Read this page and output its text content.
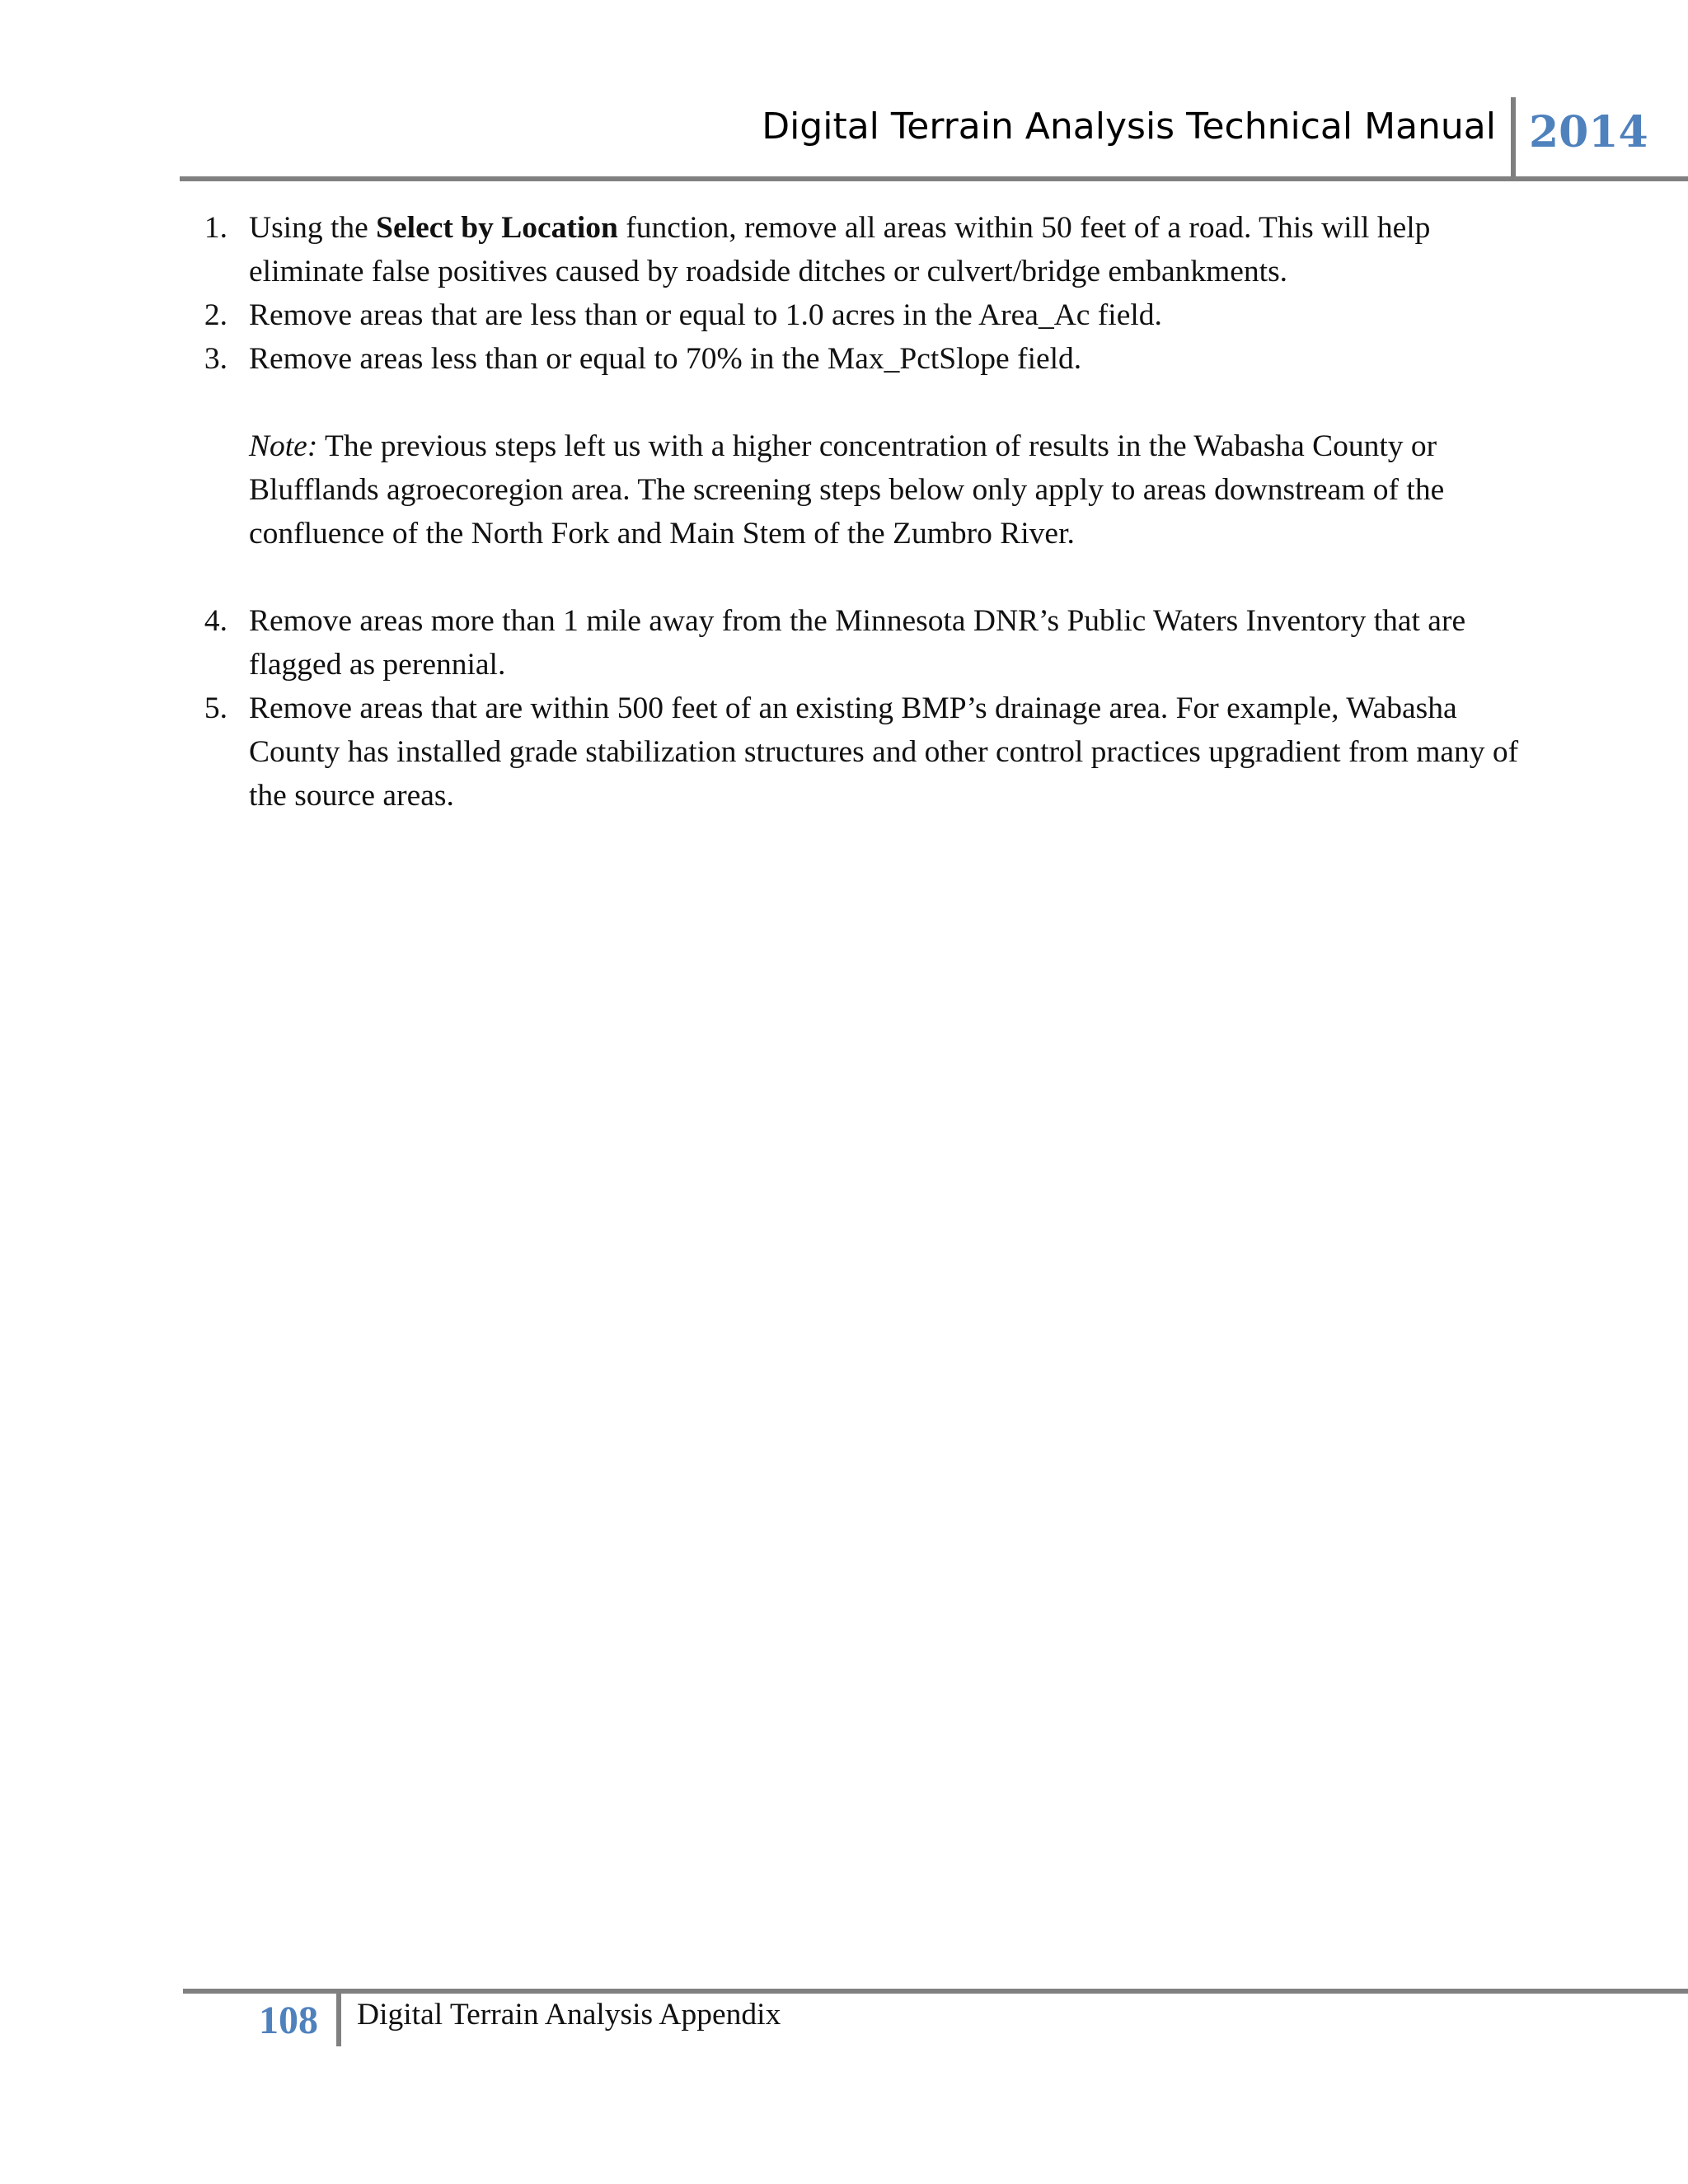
Digital Terrain Analysis Technical Manual 2014
1. Using the Select by Location function, remove all areas within 50 feet of a road. This will help eliminate false positives caused by roadside ditches or culvert/bridge embankments.
2. Remove areas that are less than or equal to 1.0 acres in the Area_Ac field.
3. Remove areas less than or equal to 70% in the Max_PctSlope field.
Note: The previous steps left us with a higher concentration of results in the Wabasha County or Blufflands agroecoregion area. The screening steps below only apply to areas downstream of the confluence of the North Fork and Main Stem of the Zumbro River.
4. Remove areas more than 1 mile away from the Minnesota DNR’s Public Waters Inventory that are flagged as perennial.
5. Remove areas that are within 500 feet of an existing BMP’s drainage area. For example, Wabasha County has installed grade stabilization structures and other control practices upgradient from many of the source areas.
108 Digital Terrain Analysis Appendix
